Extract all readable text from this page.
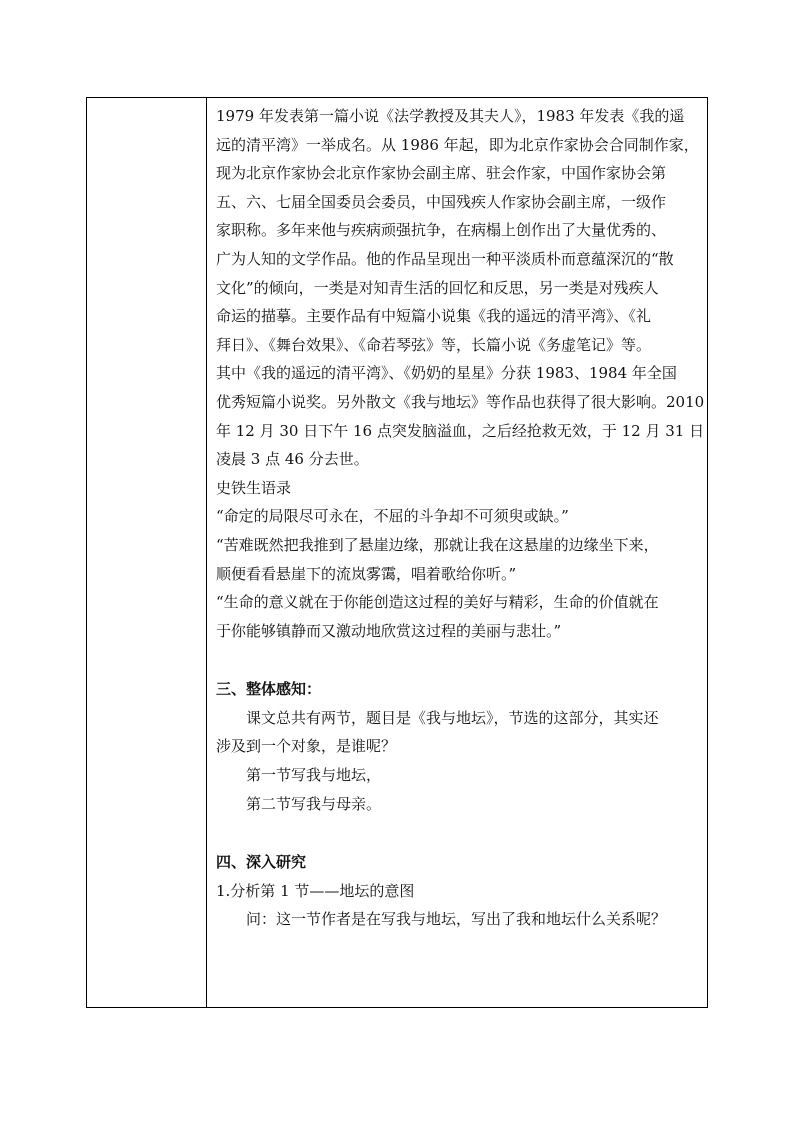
1979 年发表第一篇小说《法学教授及其夫人》，1983 年发表《我的遥
远的清平湾》一举成名。从 1986 年起，即为北京作家协会合同制作家，
现为北京作家协会北京作家协会副主席、驻会作家，中国作家协会第
五、六、七届全国委员会委员，中国残疾人作家协会副主席，一级作
家职称。多年来他与疾病顽强抗争，在病榻上创作出了大量优秀的、
广为人知的文学作品。他的作品呈现出一种平淡质朴而意蕴深沉的“散
文化”的倾向，一类是对知青生活的回忆和反思，另一类是对残疾人
命运的描摹。主要作品有中短篇小说集《我的遥远的清平湾》、《礼
拜日》、《舞台效果》、《命若琴弦》等，长篇小说《务虚笔记》等。
其中《我的遥远的清平湾》、《奶奶的星星》分获 1983、1984 年全国
优秀短篇小说奖。另外散文《我与地坛》等作品也获得了很大影响。2010
年 12 月 30 日下午 16 点突发脑溢血，之后经抢救无效，于 12 月 31 日
凌晨 3 点 46 分去世。
史铁生语录
“命定的局限尽可永在，不屈的斗争却不可须臾或缺。”
“苦难既然把我推到了悬崖边缘，那就让我在这悬崖的边缘坐下来，
顺便看看悬崖下的流岚雾霭，唱着歌给你听。”
“生命的意义就在于你能创造这过程的美好与精彩，生命的价值就在
于你能够镇静而又激动地欣赏这过程的美丽与悲壮。”
三、整体感知：
课文总共有两节，题目是《我与地坛》，节选的这部分，其实还
涉及到一个对象，是谁呢？
第一节写我与地坛，
第二节写我与母亲。
四、深入研究
1.分析第 1 节——地坛的意图
问：这一节作者是在写我与地坛，写出了我和地坛什么关系呢？
